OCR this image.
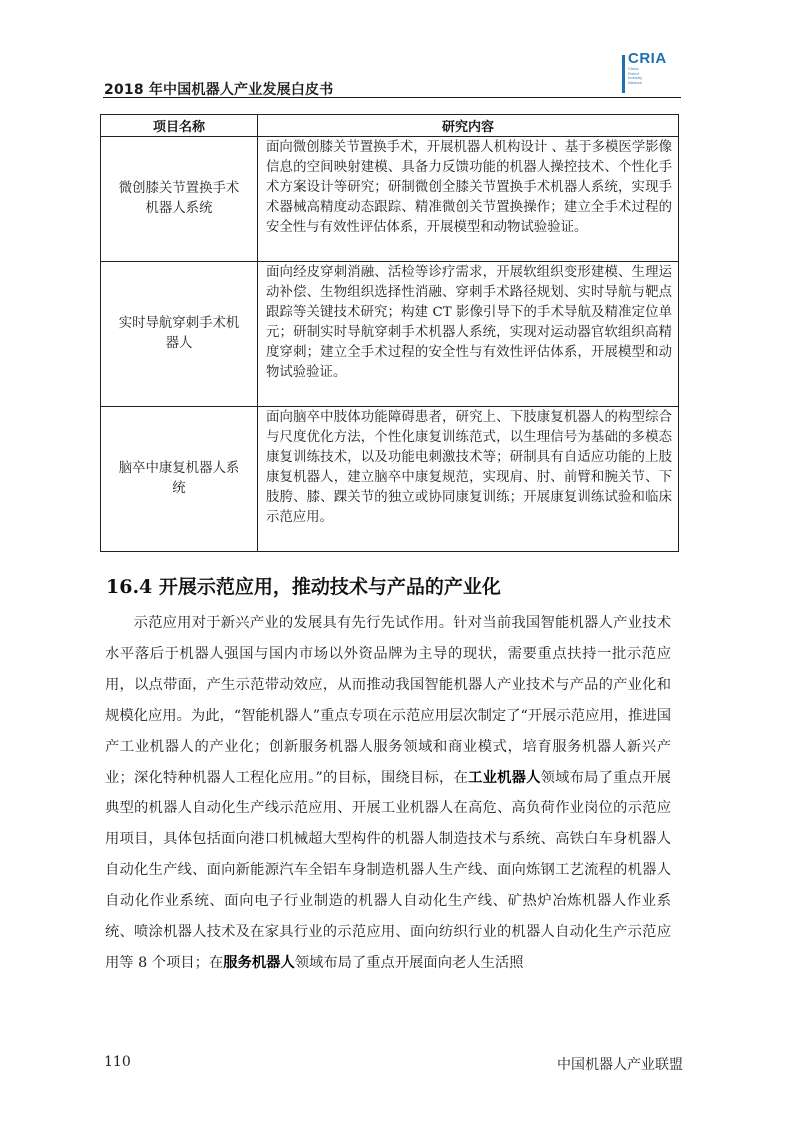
2018 年中国机器人产业发展白皮书
CRIA
China
Robot
Industry
Alliance
项目名称	研究内容
微创膝关节置换手术机器人系统	面向微创膝关节置换手术，开展机器人机构设计 、基于多模医学影像信息的空间映射建模、具备力反馈功能的机器人操控技术、个性化手术方案设计等研究；研制微创全膝关节置换手术机器人系统，实现手术器械高精度动态跟踪、精准微创关节置换操作；建立全手术过程的安全性与有效性评估体系，开展模型和动物试验验证。
实时导航穿刺手术机器人	面向经皮穿刺消融、活检等诊疗需求，开展软组织变形建模、生理运动补偿、生物组织选择性消融、穿刺手术路径规划、实时导航与靶点跟踪等关键技术研究；构建 CT 影像引导下的手术导航及精准定位单元；研制实时导航穿刺手术机器人系统，实现对运动器官软组织高精度穿刺；建立全手术过程的安全性与有效性评估体系，开展模型和动物试验验证。
脑卒中康复机器人系统	面向脑卒中肢体功能障碍患者，研究上、下肢康复机器人的构型综合与尺度优化方法，个性化康复训练范式，以生理信号为基础的多模态康复训练技术，以及功能电刺激技术等；研制具有自适应功能的上肢康复机器人，建立脑卒中康复规范，实现肩、肘、前臂和腕关节、下肢胯、膝、踝关节的独立或协同康复训练；开展康复训练试验和临床示范应用。
16.4 开展示范应用，推动技术与产品的产业化

示范应用对于新兴产业的发展具有先行先试作用。针对当前我国智能机器人产业技术水平落后于机器人强国与国内市场以外资品牌为主导的现状，需要重点扶持一批示范应用，以点带面，产生示范带动效应，从而推动我国智能机器人产业技术与产品的产业化和规模化应用。为此，“智能机器人”重点专项在示范应用层次制定了“开展示范应用，推进国产工业机器人的产业化；创新服务机器人服务领域和商业模式，培育服务机器人新兴产业；深化特种机器人工程化应用。”的目标，围绕目标，在工业机器人领域布局了重点开展典型的机器人自动化生产线示范应用、开展工业机器人在高危、高负荷作业岗位的示范应用项目，具体包括面向港口机械超大型构件的机器人制造技术与系统、高铁白车身机器人自动化生产线、面向新能源汽车全铝车身制造机器人生产线、面向炼钢工艺流程的机器人自动化作业系统、面向电子行业制造的机器人自动化生产线、矿热炉冶炼机器人作业系统、喷涂机器人技术及在家具行业的示范应用、面向纺织行业的机器人自动化生产示范应用等 8 个项目；在服务机器人领域布局了重点开展面向老人生活照

110	中国机器人产业联盟
